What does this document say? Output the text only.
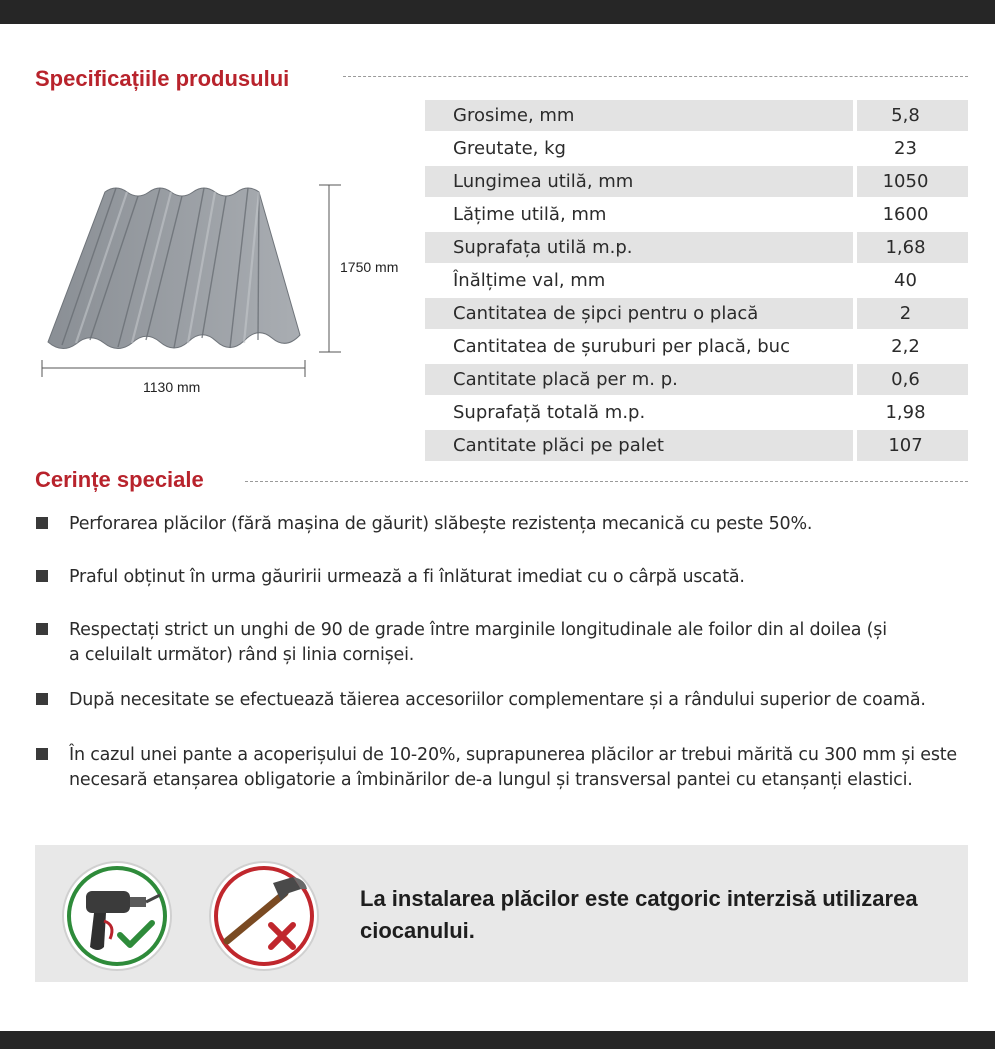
Specificațiile produsului
1750 mm
1130 mm
Grosime, mm	5,8
Greutate, kg	23
Lungimea utilă, mm	1050
Lățime utilă, mm	1600
Suprafața utilă m.p.	1,68
Înălțime val, mm	40
Cantitatea de șipci pentru o placă	2
Cantitatea de șuruburi per placă, buc	2,2
Cantitate placă per m. p.	0,6
Suprafață totală m.p.	1,98
Cantitate plăci pe palet	107
Cerințe speciale
Perforarea plăcilor (fără mașina de găurit) slăbește rezistența mecanică cu peste 50%.
Praful obținut în urma găuririi urmează a fi înlăturat imediat cu o cârpă uscată.
Respectați strict un unghi de 90 de grade între marginile longitudinale ale foilor din al doilea (și a celuilalt următor) rând și linia cornișei.
După necesitate se efectuează tăierea accesoriilor complementare și a rândului superior de coamă.
În cazul unei pante a acoperișului de 10-20%, suprapunerea plăcilor ar trebui mărită cu 300 mm și este necesară etanșarea obligatorie a îmbinărilor de-a lungul și transversal pantei cu etanșanți elastici.
La instalarea plăcilor este catgoric interzisă utilizarea ciocanului.
